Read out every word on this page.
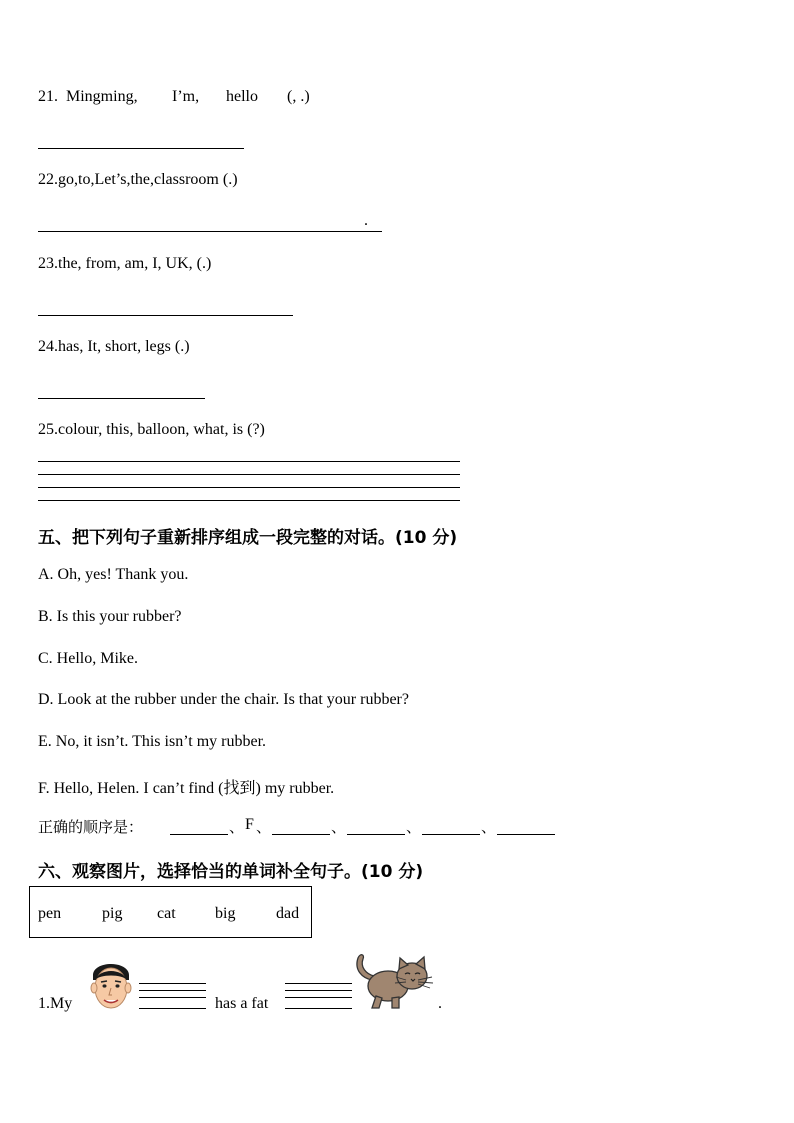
21. Mingming, I’m, hello (, .)
22.go,to,Let’s,the,classroom (.)
.
23.the, from, am, I, UK, (.)
24.has, It, short, legs (.)
25.colour, this, balloon, what, is (?)
五、把下列句子重新排序组成一段完整的对话。(10 分)
A. Oh, yes! Thank you.
B. Is this your rubber?
C. Hello, Mike.
D. Look at the rubber under the chair. Is that your rubber?
E. No, it isn’t. This isn’t my rubber.
F. Hello, Helen. I can’t find (找到) my rubber.
正确的顺序是：	、 F 、	、	、	、
六、观察图片，选择恰当的单词补全句子。(10 分)
pen	pig cat big	dad
1.My	has a fat	.
